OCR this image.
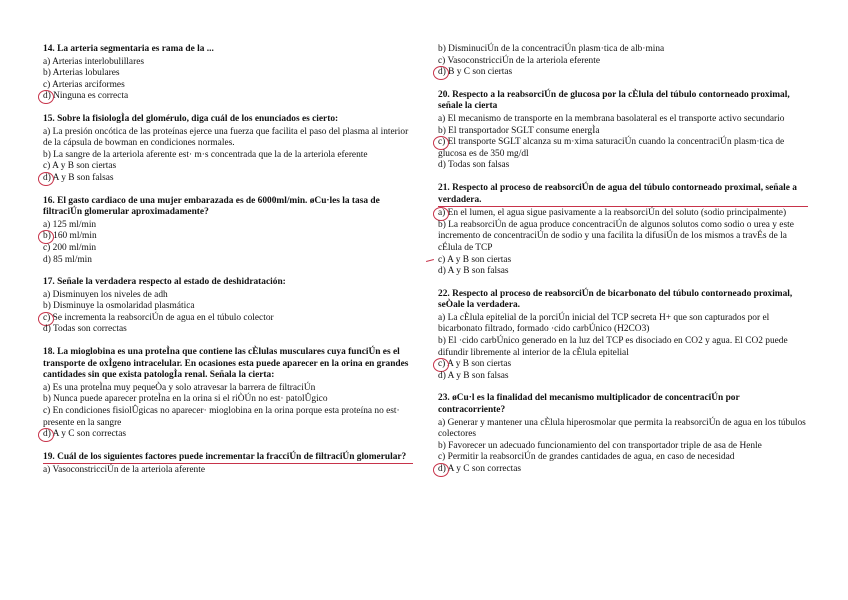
14. La arteria segmentaria es rama de la ...
a) Arterias interlobulillares
b) Arterias lobulares
c) Arterias arciformes
d) Ninguna es correcta
15. Sobre la fisiologÌa del glomérulo, diga cuál de los enunciados es cierto:
a) La presión oncótica de las proteínas ejerce una fuerza que facilita el paso del plasma al interior de la cápsula de bowman en condiciones normales.
b) La sangre de la arteriola aferente est· m·s concentrada que la de la arteriola eferente
c) A y B son ciertas
d) A y B son falsas
16. El gasto cardiaco de una mujer embarazada es de 6000ml/min. øCu·les la tasa de filtraciÚn glomerular aproximadamente?
a) 125 ml/min
b) 160 ml/min
c) 200 ml/min
d) 85 ml/min
17. Señale la verdadera respecto al estado de deshidratación:
a) Disminuyen los niveles de adh
b) Disminuye la osmolaridad plasmática
c) Se incrementa la reabsorciÚn de agua en el túbulo colector
d) Todas son correctas
18. La mioglobina es una proteÌna que contiene las cÈlulas musculares cuya funciÚn es el transporte de oxÌgeno intracelular. En ocasiones esta puede aparecer en la orina en grandes cantidades sin que exista patologÌa renal. Señala la cierta:
a) Es una proteÌna muy pequeÒa y solo atravesar la barrera de filtraciÚn
b) Nunca puede aparecer proteÌna en la orina si el riÒÚn no est· patolÛgico
c) En condiciones fisiolÛgicas no aparecer· mioglobina en la orina porque esta proteína no est· presente en la sangre
d) A y C son correctas
19. Cuál de los siguientes factores puede incrementar la fracciÚn de filtraciÚn glomerular?
a) VasoconstricciÚn de la arteriola aferente
b) DisminuciÚn de la concentraciÚn plasm·tica de alb·mina
c) VasoconstricciÚn de la arteriola eferente
d) B y C son ciertas
20. Respecto a la reabsorciÚn de glucosa por la cÈlula del túbulo contorneado proximal, señale la cierta
a) El mecanismo de transporte en la membrana basolateral es el transporte activo secundario
b) El transportador SGLT consume energÌa
c) El transporte SGLT alcanza su m·xima saturaciÚn cuando la concentraciÚn plasm·tica de glucosa es de 350 mg/dl
d) Todas son falsas
21. Respecto al proceso de reabsorciÚn de agua del túbulo contorneado proximal, señale a verdadera.
a) En el lumen, el agua sigue pasivamente a la reabsorciÚn del soluto (sodio principalmente)
b) La reabsorciÚn de agua produce concentraciÚn de algunos solutos como sodio o urea y este incremento de concentraciÚn de sodio y una facilita la difusiÚn de los mismos a travÉs de la cÉlula de TCP
c) A y B son ciertas
d) A y B son falsas
22. Respecto al proceso de reabsorciÚn de bicarbonato del túbulo contorneado proximal, seÒale la verdadera.
a) La cÈlula epitelial de la porciÚn inicial del TCP secreta H+ que son capturados por el bicarbonato filtrado, formado ·cido carbÚnico (H2CO3)
b) El ·cido carbÚnico generado en la luz del TCP es disociado en CO2 y agua. El CO2 puede difundir libremente al interior de la cÈlula epitelial
c) A y B son ciertas
d) A y B son falsas
23. øCu·l es la finalidad del mecanismo multiplicador de concentraciÚn por contracorriente?
a) Generar y mantener una cÈlula hiperosmolar que permita la reabsorciÚn de agua en los túbulos colectores
b) Favorecer un adecuado funcionamiento del con transportador triple de asa de Henle
c) Permitir la reabsorciÚn de grandes cantidades de agua, en caso de necesidad
d) A y C son correctas
